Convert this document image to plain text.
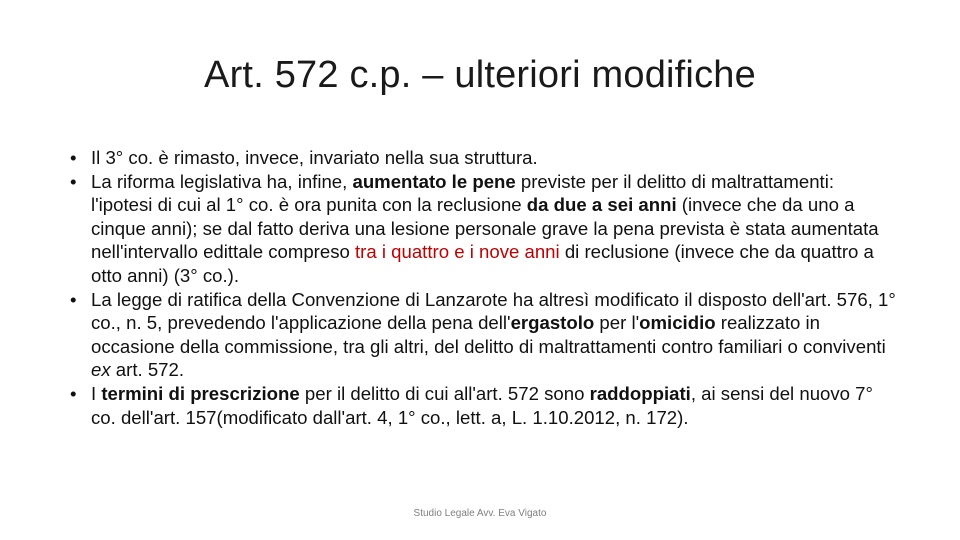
Art. 572 c.p. – ulteriori modifiche
• Il 3° co. è rimasto, invece, invariato nella sua struttura.
• La riforma legislativa ha, infine, aumentato le pene previste per il delitto di maltrattamenti: l'ipotesi di cui al 1° co. è ora punita con la reclusione da due a sei anni (invece che da uno a cinque anni); se dal fatto deriva una lesione personale grave la pena prevista è stata aumentata nell'intervallo edittale compreso tra i quattro e i nove anni di reclusione (invece che da quattro a otto anni) (3° co.).
• La legge di ratifica della Convenzione di Lanzarote ha altresì modificato il disposto dell'art. 576, 1° co., n. 5, prevedendo l'applicazione della pena dell'ergastolo per l'omicidio realizzato in occasione della commissione, tra gli altri, del delitto di maltrattamenti contro familiari o conviventi ex art. 572.
• I termini di prescrizione per il delitto di cui all'art. 572 sono raddoppiati, ai sensi del nuovo 7° co. dell'art. 157(modificato dall'art. 4, 1° co., lett. a, L. 1.10.2012, n. 172).
Studio Legale Avv. Eva Vigato
